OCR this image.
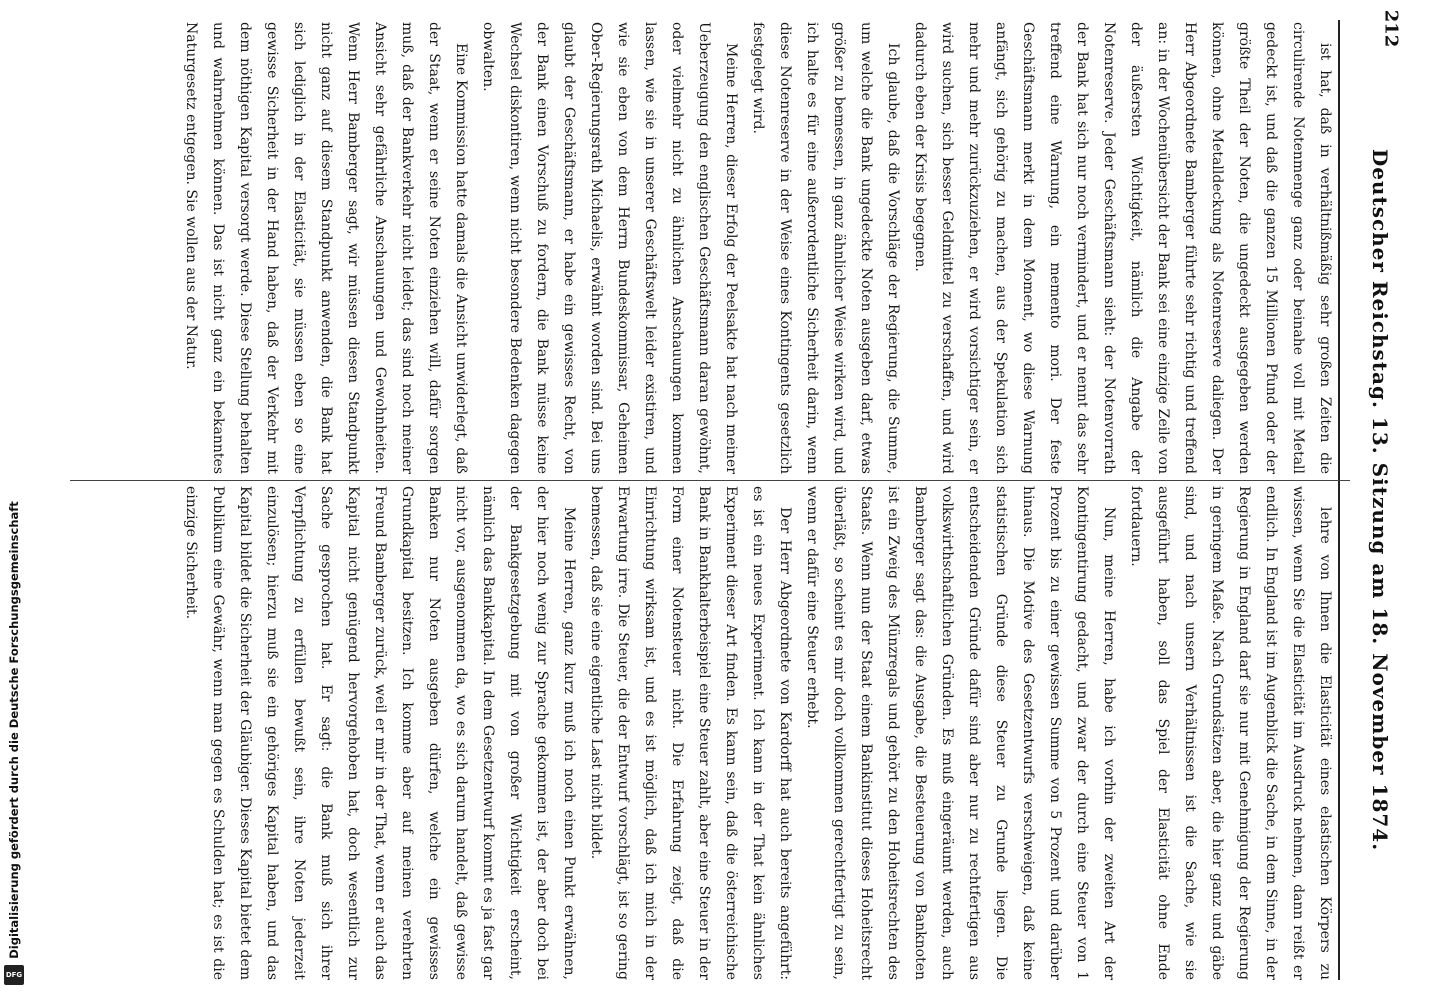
Digitalisierung gefördert durch die Deutsche Forschungsgemeinschaft
DFG
Deutscher Reichstag. 13. Sitzung am 18. November 1874.
212

ist hat, daß in verhältnißmäßig sehr großen Zeiten die circulirende Notenmenge ganz oder beinahe voll mit Metall gedeckt ist, und daß die ganzen 15 Millionen Pfund oder der größte Theil der Noten, die ungedeckt ausgegeben werden können, ohne Metalldeckung als Notenreserve daliegen. Der Herr Abgeordnete Bamberger führte sehr richtig und treffend an: in der Wochenübersicht der Bank sei eine einzige Zeile von der äußersten Wichtigkeit, nämlich die Angabe der Notenreserve. Jeder Geschäftsmann sieht: der Notenvorrath der Bank hat sich nur noch vermindert, und er nennt das sehr treffend eine Warnung, ein memento mori. Der feste Geschäftsmann merkt in dem Moment, wo diese Warnung anfängt, sich gehörig zu machen, aus der Spekulation sich mehr und mehr zurückzuziehen, er wird vorsichtiger sein, er wird suchen, sich besser Geldmittel zu verschaffen, und wird dadurch eben der Krisis begegnen.

Ich glaube, daß die Vorschläge der Regierung, die Summe, um welche die Bank ungedeckte Noten ausgeben darf, etwas größer zu bemessen, in ganz ähnlicher Weise wirken wird, und ich halte es für eine außerordentliche Sicherheit darin, wenn diese Notenreserve in der Weise eines Kontingents gesetzlich festgelegt wird.

Meine Herren, dieser Erfolg der Peelsakte hat nach meiner Ueberzeugung den englischen Geschäftsmann daran gewöhnt, oder vielmehr nicht zu ähnlichen Anschauungen kommen lassen, wie sie in unserer Geschäftswelt leider existiren, und wie sie eben von dem Herrn Bundeskommissar, Geheimen Ober-Regierungsrath Michaelis, erwähnt worden sind. Bei uns glaubt der Geschäftsmann, er habe ein gewisses Recht, von der Bank einen Vorschuß zu fordern, die Bank müsse keine Wechsel diskontiren, wenn nicht besondere Bedenken dagegen obwalten.

Eine Kommission hatte damals die Ansicht unwiderlegt, daß der Staat, wenn er seine Noten einziehen will, dafür sorgen muß, daß der Bankverkehr nicht leidet; das sind noch meiner Ansicht sehr gefährliche Anschauungen und Gewohnheiten. Wenn Herr Bamberger sagt, wir müssen diesen Standpunkt nicht ganz auf diesem Standpunkt anwenden, die Bank hat sich lediglich in der Elasticität, sie müssen eben so eine gewisse Sicherheit in der Hand haben, daß der Verkehr mit dem nöthigen Kapital versorgt werde. Diese Stellung behalten und wahrnehmen können. Das ist nicht ganz ein bekanntes Naturgesetz entgegen. Sie wollen aus der Natur.

lehre von Ihnen die Elasticität eines elastischen Körpers zu wissen, wenn Sie die Elasticität im Ausdruck nehmen, dann reißt er endlich. In England ist im Augenblick die Sache, in dem Sinne, in der Regierung in England darf sie nur mit Genehmigung der Regierung in geringem Maße. Nach Grundsätzen aber, die hier ganz und gäbe sind, und nach unsern Verhältnissen ist die Sache, wie sie ausgeführt haben, soll das Spiel der Elasticität ohne Ende fortdauern.

Nun, meine Herren, habe ich vorhin der zweiten Art der Kontingentirung gedacht, und zwar der durch eine Steuer von 1 Prozent bis zu einer gewissen Summe von 5 Prozent und darüber hinaus. Die Motive des Gesetzentwurfs verschweigen, daß keine statistischen Gründe diese Steuer zu Grunde liegen. Die entscheidenden Gründe dafür sind aber nur zu rechtfertigen aus volkswirthschaftlichen Gründen. Es muß eingeräumt werden, auch Bamberger sagt das: die Ausgabe, die Besteuerung von Banknoten ist ein Zweig des Münzregals und gehört zu den Hoheitsrechten des Staats. Wenn nun der Staat einem Bankinstitut dieses Hoheitsrecht überläßt, so scheint es mir doch vollkommen gerechtfertigt zu sein, wenn er dafür eine Steuer erhebt.

Der Herr Abgeordnete von Kardorff hat auch bereits angeführt: es ist ein neues Experiment. Ich kann in der That kein ähnliches Experiment dieser Art finden. Es kann sein, daß die österreichische Bank in Bankhalterbeispiel eine Steuer zahlt, aber eine Steuer in der Form einer Notensteuer nicht. Die Erfahrung zeigt, daß die Einrichtung wirksam ist, und es ist möglich, daß ich mich in der Erwartung irre. Die Steuer, die der Entwurf vorschlägt, ist so gering bemessen, daß sie eine eigentliche Last nicht bildet.

Meine Herren, ganz kurz muß ich noch einen Punkt erwähnen, der hier noch wenig zur Sprache gekommen ist, der aber doch bei der Bankgesetzgebung mit von großer Wichtigkeit erscheint, nämlich das Bankkapital. In dem Gesetzentwurf kommt es ja fast gar nicht vor, ausgenommen da, wo es sich darum handelt, daß gewisse Banken nur Noten ausgeben dürfen, welche ein gewisses Grundkapital besitzen. Ich komme aber auf meinen verehrten Freund Bamberger zurück, weil er mir in der That, wenn er auch das Kapital nicht genügend hervorgehoben hat, doch wesentlich zur Sache gesprochen hat. Er sagt: die Bank muß sich ihrer Verpflichtung zu erfüllen bewußt sein, ihre Noten jederzeit einzulösen; hierzu muß sie ein gehöriges Kapital haben, und das Kapital bildet die Sicherheit der Gläubiger. Dieses Kapital bietet dem Publikum eine Gewähr, wenn man gegen es Schulden hat; es ist die einzige Sicherheit.
